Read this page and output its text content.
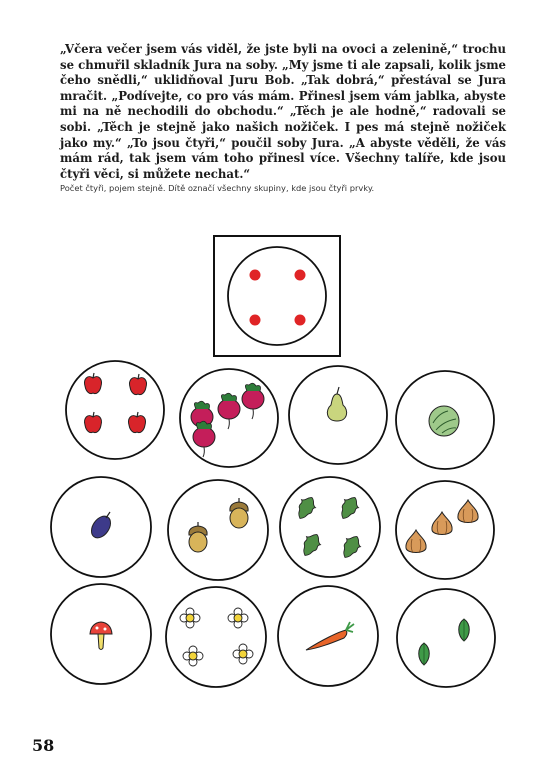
„Včera večer jsem vás viděl, že jste byli na ovoci a zelenině,“ trochu se chmuřil skladník Jura na soby. „My jsme ti ale zapsali, kolik jsme čeho snědli,“ uklidňoval Juru Bob. „Tak dobrá,“ přestával se Jura mračit. „Podívejte, co pro vás mám. Přinesl jsem vám jablka, abyste mi na ně nechodili do obchodu.“ „Těch je ale hodně,“ radovali se sobi. „Těch je stejně jako našich nožiček. I pes má stejně nožiček jako my.“ „To jsou čtyři,“ poučil soby Jura. „A abyste věděli, že vás mám rád, tak jsem vám toho přinesl více. Všechny talíře, kde jsou čtyři věci, si můžete nechat.“

Počet čtyři, pojem stejně. Dítě označí všechny skupiny, kde jsou čtyři prvky.

58
